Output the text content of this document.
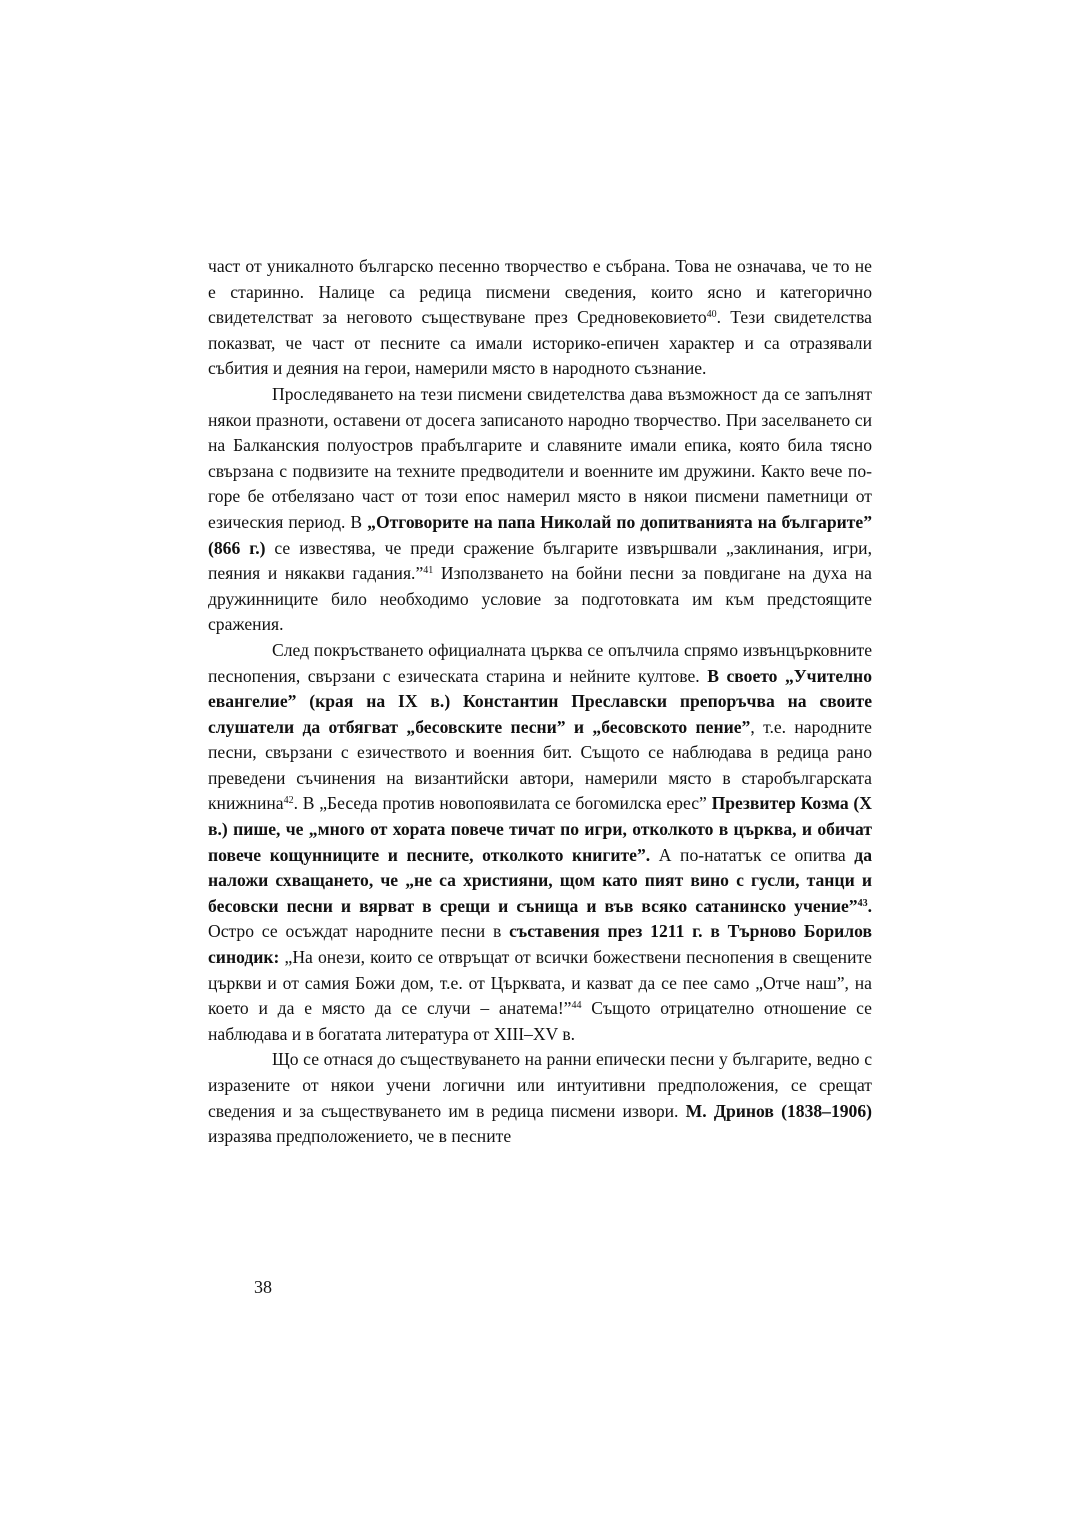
част от уникалното българско песенно творчество е събрана. Това не означава, че то не е старинно. Налице са редица писмени сведения, които ясно и категорично свидетелстват за неговото съществуване през Средновековието$^{40}$. Тези свидетелства показват, че част от песните са имали историко-епичен характер и са отразявали събития и деяния на герои, намерили място в народното съзнание.

Проследяването на тези писмени свидетелства дава възможност да се запълнят някои празноти, оставени от досега записаното народно творчество. При заселването си на Балканския полуостров прабългарите и славяните имали епика, която била тясно свързана с подвизите на техните предводители и военните им дружини. Както вече по-горе бе отбелязано част от този епос намерил място в някои писмени паметници от езическия период. В „Отговорите на папа Николай по допитванията на българите” (866 г.) се известява, че преди сражение българите извършвали „заклинания, игри, пеяния и някакви гадания.”$^{41}$ Използването на бойни песни за повдигане на духа на дружинниците било необходимо условие за подготовката им към предстоящите сражения.

След покръстването официалната църква се опълчила спрямо извънцърковните песнопения, свързани с езическата старина и нейните култове. В своето „Учително евангелие” (края на IX в.) Константин Преславски препоръчва на своите слушатели да отбягват „бесовските песни” и „бесовското пение”, т.е. народните песни, свързани с езичеството и военния бит. Същото се наблюдава в редица рано преведени съчинения на византийски автори, намерили място в старобългарската книжнина$^{42}$. В „Беседа против новопоявилата се богомилска ерес” Презвитер Козма (X в.) пише, че „много от хората повече тичат по игри, отколкото в църква, и обичат повече кощунниците и песните, отколкото книгите”. А по-нататък се опитва да наложи схващането, че „не са християни, щом като пият вино с гусли, танци и бесовски песни и вярват в срещи и сънища и във всяко сатанинско учение”$^{43}$. Остро се осъждат народните песни в съставения през 1211 г. в Търново Борилов синодик: „На онези, които се отвръщат от всички божествени песнопения в свещените църкви и от самия Божи дом, т.е. от Църквата, и казват да се пее само „Отче наш”, на което и да е място да се случи – анатема!”$^{44}$ Същото отрицателно отношение се наблюдава и в богатата литература от XIII–XV в.

Що се отнася до съществуването на ранни епически песни у българите, ведно с изразените от някои учени логични или интуитивни предположения, се срещат сведения и за съществуването им в редица писмени извори. М. Дринов (1838–1906) изразява предположението, че в песните

38
